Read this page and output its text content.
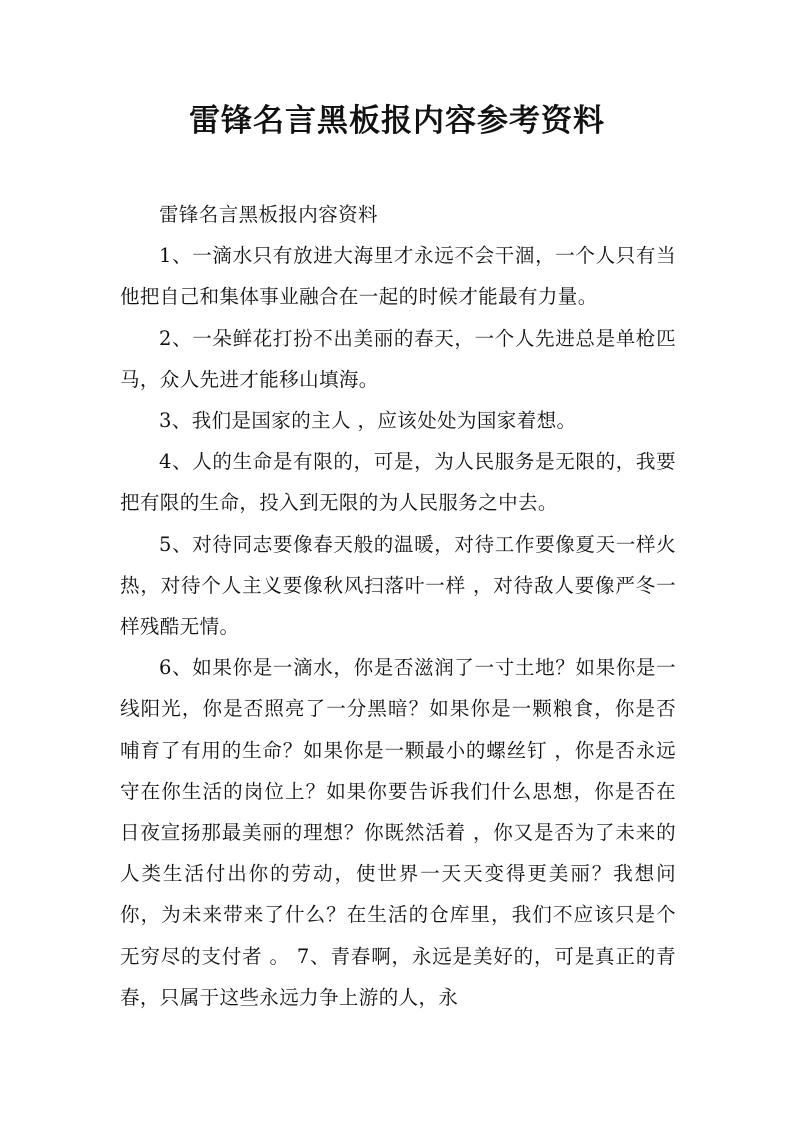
雷锋名言黑板报内容参考资料

雷锋名言黑板报内容资料

1、一滴水只有放进大海里才永远不会干涸，一个人只有当他把自己和集体事业融合在一起的时候才能最有力量。

2、一朵鲜花打扮不出美丽的春天，一个人先进总是单枪匹马，众人先进才能移山填海。

3、我们是国家的主人 ，应该处处为国家着想。

4、人的生命是有限的，可是，为人民服务是无限的，我要把有限的生命，投入到无限的为人民服务之中去。

5、对待同志要像春天般的温暖，对待工作要像夏天一样火热，对待个人主义要像秋风扫落叶一样 ，对待敌人要像严冬一样残酷无情。

6、如果你是一滴水，你是否滋润了一寸土地？如果你是一线阳光，你是否照亮了一分黑暗？如果你是一颗粮食，你是否哺育了有用的生命？如果你是一颗最小的螺丝钉 ，你是否永远守在你生活的岗位上？如果你要告诉我们什么思想，你是否在日夜宣扬那最美丽的理想？你既然活着 ，你又是否为了未来的人类生活付出你的劳动，使世界一天天变得更美丽？我想问你，为未来带来了什么？在生活的仓库里，我们不应该只是个无穷尽的支付者 。 7、青春啊，永远是美好的，可是真正的青春，只属于这些永远力争上游的人，永
